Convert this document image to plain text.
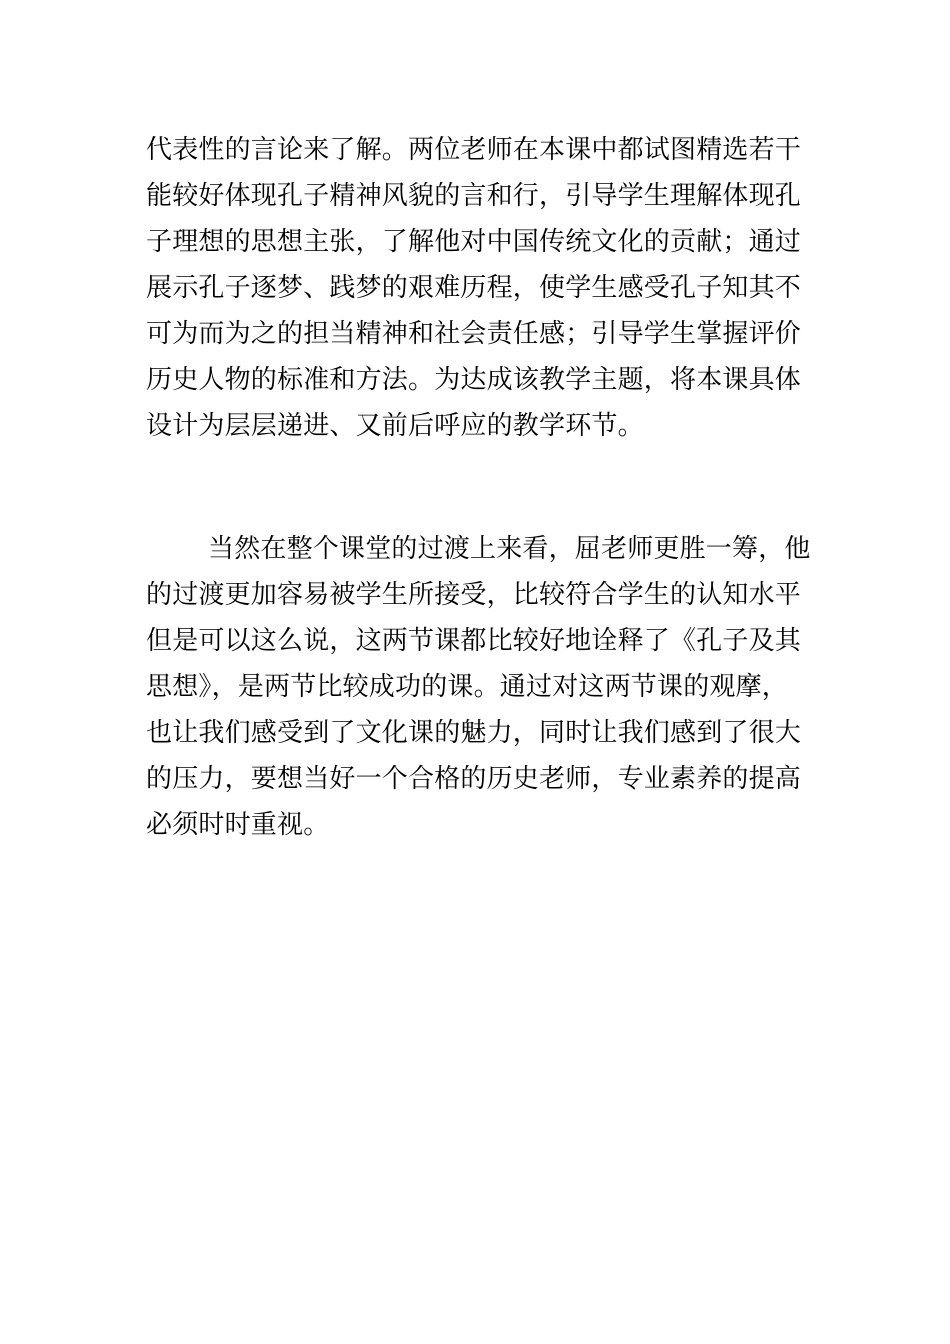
代表性的言论来了解。两位老师在本课中都试图精选若干
能较好体现孔子精神风貌的言和行，引导学生理解体现孔
子理想的思想主张，了解他对中国传统文化的贡献；通过
展示孔子逐梦、践梦的艰难历程，使学生感受孔子知其不
可为而为之的担当精神和社会责任感；引导学生掌握评价
历史人物的标准和方法。为达成该教学主题，将本课具体
设计为层层递进、又前后呼应的教学环节。
当然在整个课堂的过渡上来看，屈老师更胜一筹，他
的过渡更加容易被学生所接受，比较符合学生的认知水平
但是可以这么说，这两节课都比较好地诠释了《孔子及其
思想》，是两节比较成功的课。通过对这两节课的观摩，
也让我们感受到了文化课的魅力，同时让我们感到了很大
的压力，要想当好一个合格的历史老师，专业素养的提高
必须时时重视。
